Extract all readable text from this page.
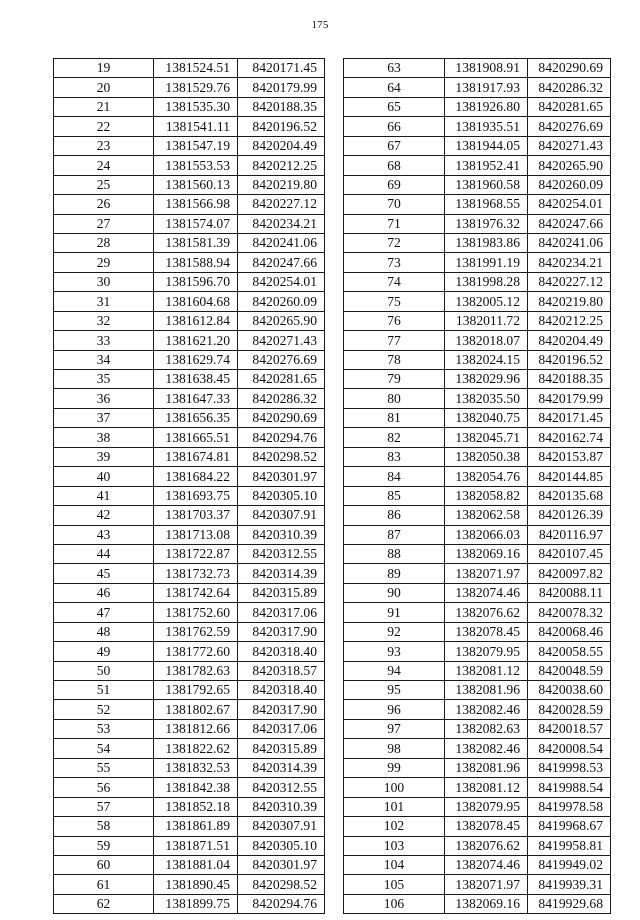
175
19	1381524.51	8420171.45
20	1381529.76	8420179.99
21	1381535.30	8420188.35
22	1381541.11	8420196.52
23	1381547.19	8420204.49
24	1381553.53	8420212.25
25	1381560.13	8420219.80
26	1381566.98	8420227.12
27	1381574.07	8420234.21
28	1381581.39	8420241.06
29	1381588.94	8420247.66
30	1381596.70	8420254.01
31	1381604.68	8420260.09
32	1381612.84	8420265.90
33	1381621.20	8420271.43
34	1381629.74	8420276.69
35	1381638.45	8420281.65
36	1381647.33	8420286.32
37	1381656.35	8420290.69
38	1381665.51	8420294.76
39	1381674.81	8420298.52
40	1381684.22	8420301.97
41	1381693.75	8420305.10
42	1381703.37	8420307.91
43	1381713.08	8420310.39
44	1381722.87	8420312.55
45	1381732.73	8420314.39
46	1381742.64	8420315.89
47	1381752.60	8420317.06
48	1381762.59	8420317.90
49	1381772.60	8420318.40
50	1381782.63	8420318.57
51	1381792.65	8420318.40
52	1381802.67	8420317.90
53	1381812.66	8420317.06
54	1381822.62	8420315.89
55	1381832.53	8420314.39
56	1381842.38	8420312.55
57	1381852.18	8420310.39
58	1381861.89	8420307.91
59	1381871.51	8420305.10
60	1381881.04	8420301.97
61	1381890.45	8420298.52
62	1381899.75	8420294.76
63	1381908.91	8420290.69
64	1381917.93	8420286.32
65	1381926.80	8420281.65
66	1381935.51	8420276.69
67	1381944.05	8420271.43
68	1381952.41	8420265.90
69	1381960.58	8420260.09
70	1381968.55	8420254.01
71	1381976.32	8420247.66
72	1381983.86	8420241.06
73	1381991.19	8420234.21
74	1381998.28	8420227.12
75	1382005.12	8420219.80
76	1382011.72	8420212.25
77	1382018.07	8420204.49
78	1382024.15	8420196.52
79	1382029.96	8420188.35
80	1382035.50	8420179.99
81	1382040.75	8420171.45
82	1382045.71	8420162.74
83	1382050.38	8420153.87
84	1382054.76	8420144.85
85	1382058.82	8420135.68
86	1382062.58	8420126.39
87	1382066.03	8420116.97
88	1382069.16	8420107.45
89	1382071.97	8420097.82
90	1382074.46	8420088.11
91	1382076.62	8420078.32
92	1382078.45	8420068.46
93	1382079.95	8420058.55
94	1382081.12	8420048.59
95	1382081.96	8420038.60
96	1382082.46	8420028.59
97	1382082.63	8420018.57
98	1382082.46	8420008.54
99	1382081.96	8419998.53
100	1382081.12	8419988.54
101	1382079.95	8419978.58
102	1382078.45	8419968.67
103	1382076.62	8419958.81
104	1382074.46	8419949.02
105	1382071.97	8419939.31
106	1382069.16	8419929.68
